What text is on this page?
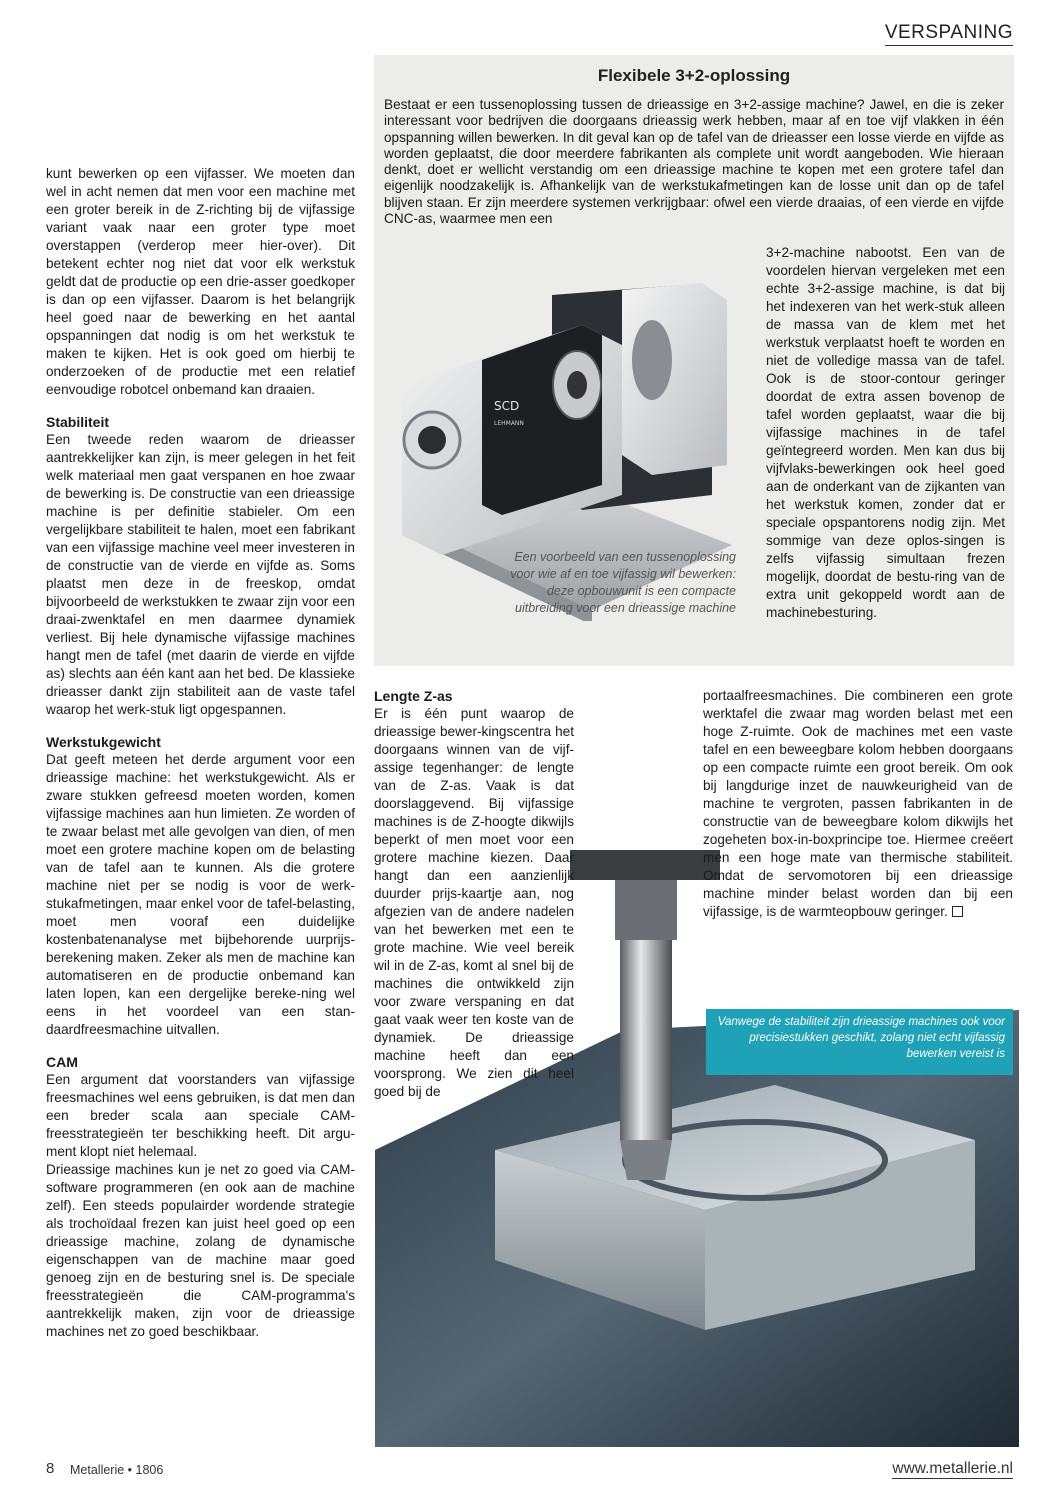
VERSPANING

kunt bewerken op een vijfasser. We moeten dan wel in acht nemen dat men voor een machine met een groter bereik in de Z-richting bij de vijfassige variant vaak naar een groter type moet overstappen (verderop meer hier-over). Dit betekent echter nog niet dat voor elk werkstuk geldt dat de productie op een drie-asser goedkoper is dan op een vijfasser. Daarom is het belangrijk heel goed naar de bewerking en het aantal opspanningen dat nodig is om het werkstuk te maken te kijken. Het is ook goed om hierbij te onderzoeken of de productie met een relatief eenvoudige robotcel onbemand kan draaien.

Stabiliteit

Een tweede reden waarom de drieasser aantrekkelijker kan zijn, is meer gelegen in het feit welk materiaal men gaat verspanen en hoe zwaar de bewerking is. De constructie van een drieassige machine is per definitie stabieler. Om een vergelijkbare stabiliteit te halen, moet een fabrikant van een vijfassige machine veel meer investeren in de constructie van de vierde en vijfde as. Soms plaatst men deze in de freeskop, omdat bijvoorbeeld de werkstukken te zwaar zijn voor een draai-zwenktafel en men daarmee dynamiek verliest. Bij hele dynamische vijfassige machines hangt men de tafel (met daarin de vierde en vijfde as) slechts aan één kant aan het bed. De klassieke drieasser dankt zijn stabiliteit aan de vaste tafel waarop het werk-stuk ligt opgespannen.

Werkstukgewicht

Dat geeft meteen het derde argument voor een drieassige machine: het werkstukgewicht. Als er zware stukken gefreesd moeten worden, komen vijfassige machines aan hun limieten. Ze worden of te zwaar belast met alle gevolgen van dien, of men moet een grotere machine kopen om de belasting van de tafel aan te kunnen. Als die grotere machine niet per se nodig is voor de werk-stukafmetingen, maar enkel voor de tafel-belasting, moet men vooraf een duidelijke kostenbatenanalyse met bijbehorende uurprijs-berekening maken. Zeker als men de machine kan automatiseren en de productie onbemand kan laten lopen, kan een dergelijke bereke-ning wel eens in het voordeel van een stan-daardfreesmachine uitvallen.

CAM

Een argument dat voorstanders van vijfassige freesmachines wel eens gebruiken, is dat men dan een breder scala aan speciale CAM-freesstrategieën ter beschikking heeft. Dit argu-ment klopt niet helemaal.

Drieassige machines kun je net zo goed via CAM-software programmeren (en ook aan de machine zelf). Een steeds populairder wordende strategie als trochoïdaal frezen kan juist heel goed op een drieassige machine, zolang de dynamische eigenschappen van de machine maar goed genoeg zijn en de besturing snel is. De speciale freesstrategieën die CAM-programma's aantrekkelijk maken, zijn voor de drieassige machines net zo goed beschikbaar.

Flexibele 3+2-oplossing

Bestaat er een tussenoplossing tussen de drieassige en 3+2-assige machine? Jawel, en die is zeker interessant voor bedrijven die doorgaans drieassig werk hebben, maar af en toe vijf vlakken in één opspanning willen bewerken. In dit geval kan op de tafel van de drieasser een losse vierde en vijfde as worden geplaatst, die door meerdere fabrikanten als complete unit wordt aangeboden. Wie hieraan denkt, doet er wellicht verstandig om een drieassige machine te kopen met een grotere tafel dan eigenlijk noodzakelijk is. Afhankelijk van de werkstukafmetingen kan de losse unit dan op de tafel blijven staan. Er zijn meerdere systemen verkrijgbaar: ofwel een vierde draaias, of een vierde en vijfde CNC-as, waarmee men een

SCD
LEHMANN
Een voorbeeld van een tussenoplossing voor wie af en toe vijfassig wil bewerken: deze opbouwunit is een compacte uitbreiding voor een drieassige machine

3+2-machine nabootst. Een van de voordelen hiervan vergeleken met een echte 3+2-assige machine, is dat bij het indexeren van het werk-stuk alleen de massa van de klem met het werkstuk verplaatst hoeft te worden en niet de volledige massa van de tafel. Ook is de stoor-contour geringer doordat de extra assen bovenop de tafel worden geplaatst, waar die bij vijfassige machines in de tafel geïntegreerd worden. Men kan dus bij vijfvlaks-bewerkingen ook heel goed aan de onderkant van de zijkanten van het werkstuk komen, zonder dat er speciale opspantorens nodig zijn. Met sommige van deze oplos-singen is zelfs vijfassig simultaan frezen mogelijk, doordat de bestu-ring van de extra unit gekoppeld wordt aan de machinebesturing.

Lengte Z-as

Er is één punt waarop de drieassige bewer-kingscentra het doorgaans winnen van de vijf-assige tegenhanger: de lengte van de Z-as. Vaak is dat doorslaggevend. Bij vijfassige machines is de Z-hoogte dikwijls beperkt of men moet voor een grotere machine kiezen. Daar hangt dan een aanzienlijk duurder prijs-kaartje aan, nog afgezien van de andere nadelen van het bewerken met een te grote machine. Wie veel bereik wil in de Z-as, komt al snel bij de machines die ontwikkeld zijn voor zware verspaning en dat gaat vaak weer ten koste van de dynamiek. De drieassige machine heeft dan een voorsprong. We zien dit heel goed bij de

portaalfreesmachines. Die combineren een grote werktafel die zwaar mag worden belast met een hoge Z-ruimte. Ook de machines met een vaste tafel en een beweegbare kolom hebben doorgaans op een compacte ruimte een groot bereik. Om ook bij langdurige inzet de nauwkeurigheid van de machine te vergroten, passen fabrikanten in de constructie van de beweegbare kolom dikwijls het zogeheten box-in-boxprincipe toe. Hiermee creëert men een hoge mate van thermische stabiliteit. Omdat de servomotoren bij een drieassige machine minder belast worden dan bij een vijfassige, is de warmteopbouw geringer.

Vanwege de stabiliteit zijn drieassige machines ook voor precisiestukken geschikt, zolang niet echt vijfassig bewerken vereist is
8 Metallerie • 1806	www.metallerie.nl
